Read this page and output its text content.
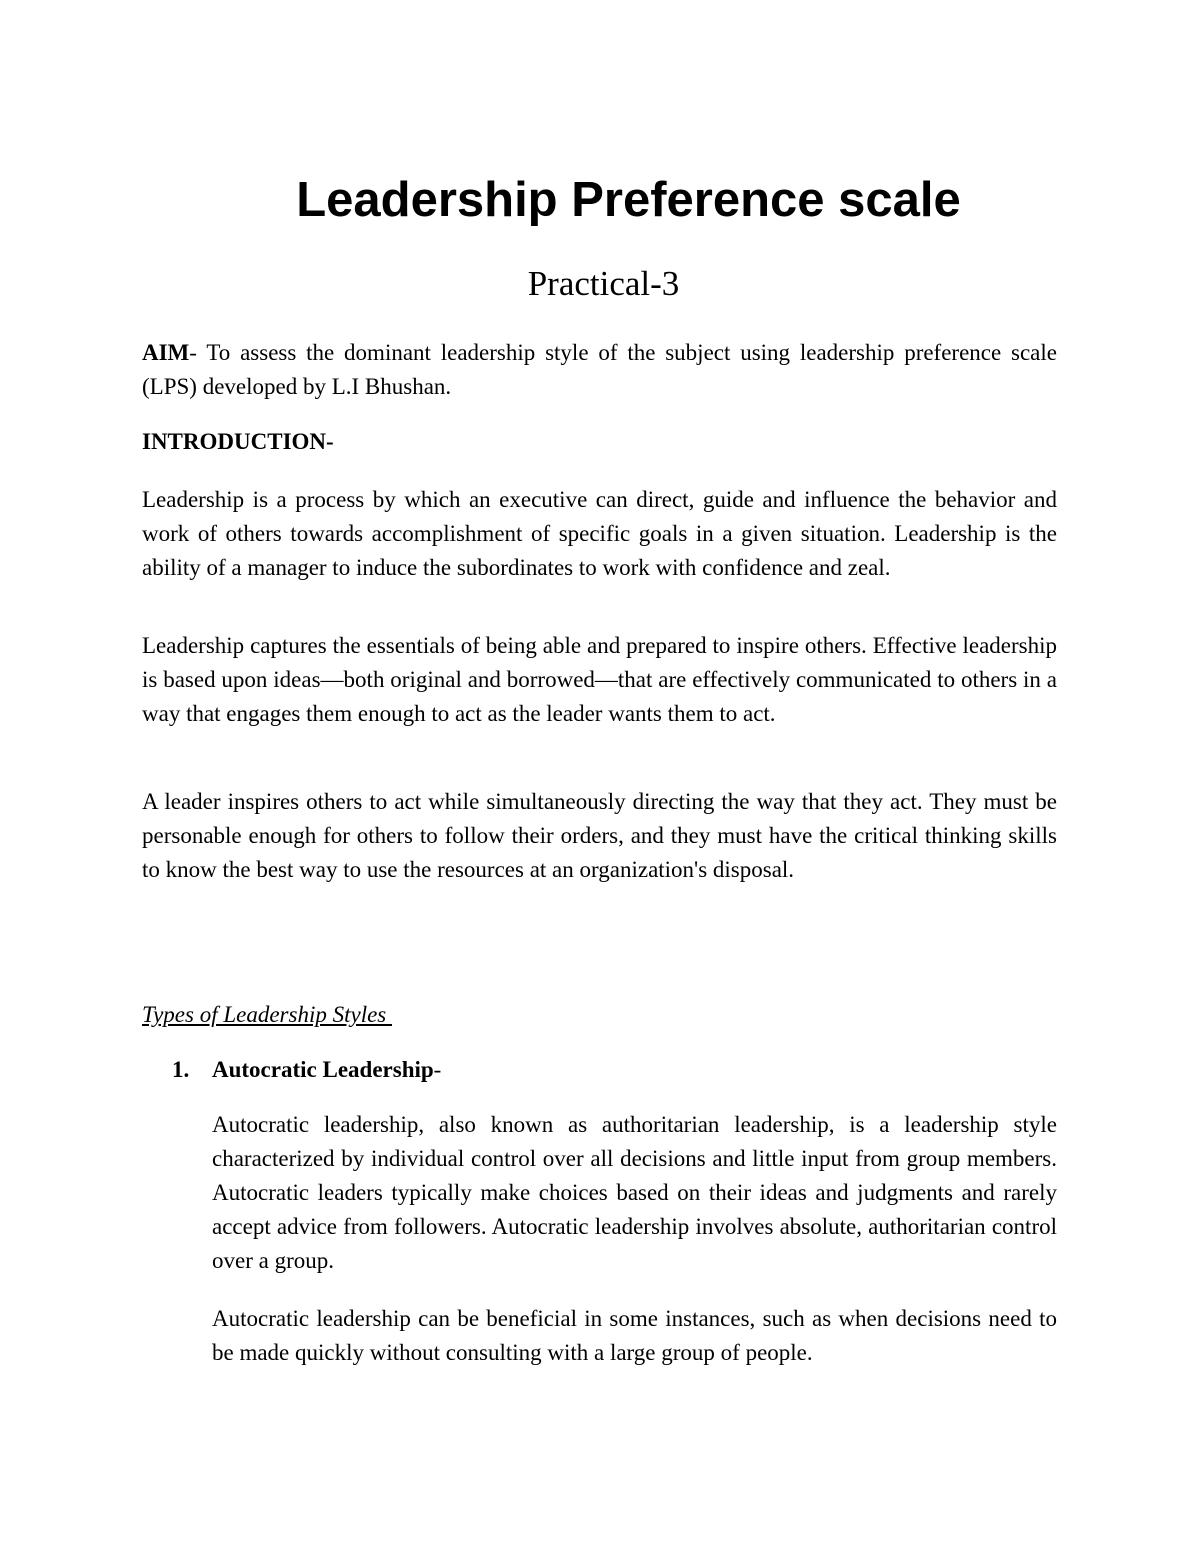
Leadership Preference scale
Practical-3

AIM- To assess the dominant leadership style of the subject using leadership preference scale (LPS) developed by L.I Bhushan.

INTRODUCTION-

Leadership is a process by which an executive can direct, guide and influence the behavior and work of others towards accomplishment of specific goals in a given situation. Leadership is the ability of a manager to induce the subordinates to work with confidence and zeal.

Leadership captures the essentials of being able and prepared to inspire others. Effective leadership is based upon ideas—both original and borrowed—that are effectively communicated to others in a way that engages them enough to act as the leader wants them to act.

A leader inspires others to act while simultaneously directing the way that they act. They must be personable enough for others to follow their orders, and they must have the critical thinking skills to know the best way to use the resources at an organization's disposal.

Types of Leadership Styles

1. Autocratic Leadership-

Autocratic leadership, also known as authoritarian leadership, is a leadership style characterized by individual control over all decisions and little input from group members. Autocratic leaders typically make choices based on their ideas and judgments and rarely accept advice from followers. Autocratic leadership involves absolute, authoritarian control over a group.

Autocratic leadership can be beneficial in some instances, such as when decisions need to be made quickly without consulting with a large group of people.
